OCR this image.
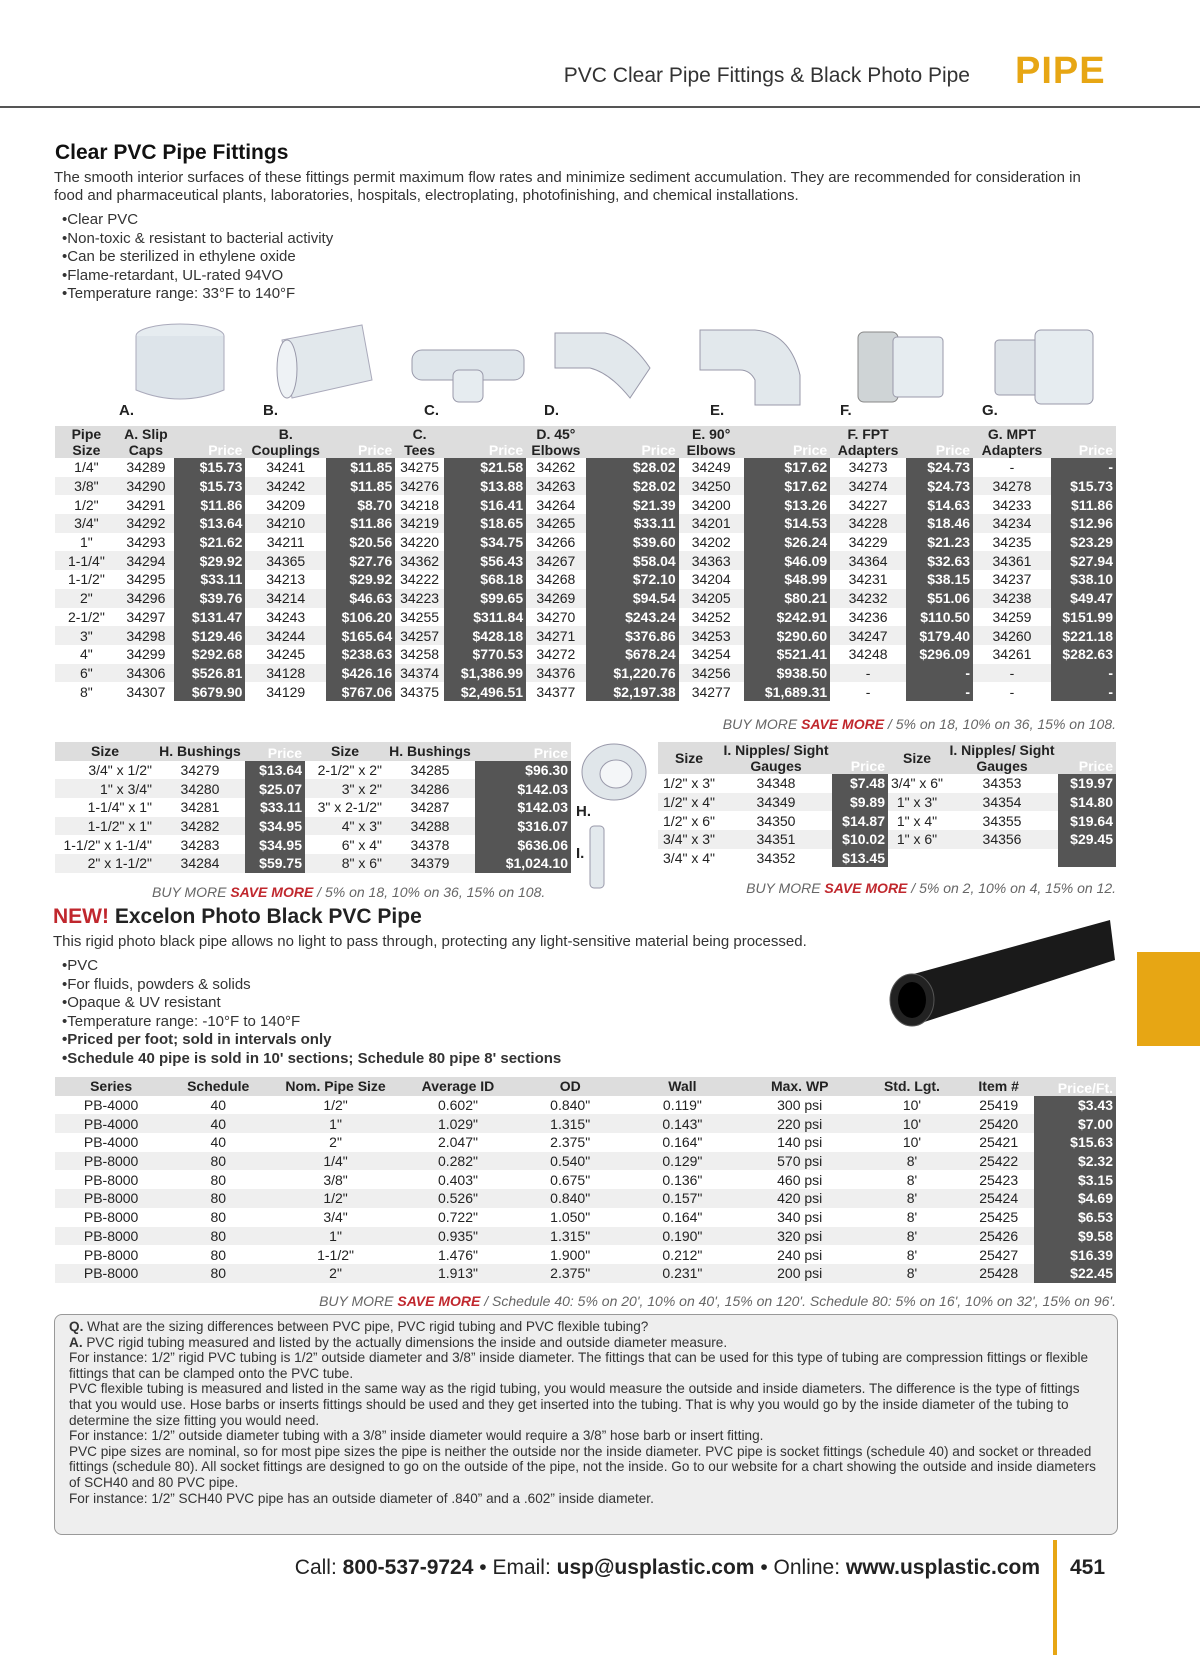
PVC Clear Pipe Fittings & Black Photo Pipe PIPE
Clear PVC Pipe Fittings
The smooth interior surfaces of these fittings permit maximum flow rates and minimize sediment accumulation. They are recommended for consideration in food and pharmaceutical plants, laboratories, hospitals, electroplating, photofinishing, and chemical installations.
• Clear PVC
• Non-toxic & resistant to bacterial activity
• Can be sterilized in ethylene oxide
• Flame-retardant, UL-rated 94VO
• Temperature range: 33°F to 140°F
A.	B.	C.	D.	E.	F.	G.
Pipe Size	A. Slip Caps	Price	B. Couplings	Price	C. Tees	Price	D. 45° Elbows	Price	E. 90° Elbows	Price	F. FPT Adapters	Price	G. MPT Adapters	Price
1/4"	34289	$15.73	34241	$11.85	34275	$21.58	34262	$28.02	34249	$17.62	34273	$24.73	-	-
3/8"	34290	$15.73	34242	$11.85	34276	$13.88	34263	$28.02	34250	$17.62	34274	$24.73	34278	$15.73
1/2"	34291	$11.86	34209	$8.70	34218	$16.41	34264	$21.39	34200	$13.26	34227	$14.63	34233	$11.86
3/4"	34292	$13.64	34210	$11.86	34219	$18.65	34265	$33.11	34201	$14.53	34228	$18.46	34234	$12.96
1"	34293	$21.62	34211	$20.56	34220	$34.75	34266	$39.60	34202	$26.24	34229	$21.23	34235	$23.29
1-1/4"	34294	$29.92	34365	$27.76	34362	$56.43	34267	$58.04	34363	$46.09	34364	$32.63	34361	$27.94
1-1/2"	34295	$33.11	34213	$29.92	34222	$68.18	34268	$72.10	34204	$48.99	34231	$38.15	34237	$38.10
2"	34296	$39.76	34214	$46.63	34223	$99.65	34269	$94.54	34205	$80.21	34232	$51.06	34238	$49.47
2-1/2"	34297	$131.47	34243	$106.20	34255	$311.84	34270	$243.24	34252	$242.91	34236	$110.50	34259	$151.99
3"	34298	$129.46	34244	$165.64	34257	$428.18	34271	$376.86	34253	$290.60	34247	$179.40	34260	$221.18
4"	34299	$292.68	34245	$238.63	34258	$770.53	34272	$678.24	34254	$521.41	34248	$296.09	34261	$282.63
6"	34306	$526.81	34128	$426.16	34374	$1,386.99	34376	$1,220.76	34256	$938.50	-	-	-	-
8"	34307	$679.90	34129	$767.06	34375	$2,496.51	34377	$2,197.38	34277	$1,689.31	-	-	-	-
BUY MORE SAVE MORE / 5% on 18, 10% on 36, 15% on 108.
Size	H. Bushings	Price	Size	H. Bushings	Price
3/4" x 1/2"	34279	$13.64	2-1/2" x 2"	34285	$96.30
1" x 3/4"	34280	$25.07	3" x 2"	34286	$142.03
1-1/4" x 1"	34281	$33.11	3" x 2-1/2"	34287	$142.03
1-1/2" x 1"	34282	$34.95	4" x 3"	34288	$316.07
1-1/2" x 1-1/4"	34283	$34.95	6" x 4"	34378	$636.06
2" x 1-1/2"	34284	$59.75	8" x 6"	34379	$1,024.10
BUY MORE SAVE MORE / 5% on 18, 10% on 36, 15% on 108.
H.
I.
Size	I. Nipples/ Sight Gauges	Price	Size	I. Nipples/ Sight Gauges	Price
1/2" x 3"	34348	$7.48	3/4" x 6"	34353	$19.97
1/2" x 4"	34349	$9.89	1" x 3"	34354	$14.80
1/2" x 6"	34350	$14.87	1" x 4"	34355	$19.64
3/4" x 3"	34351	$10.02	1" x 6"	34356	$29.45
3/4" x 4"	34352	$13.45			
BUY MORE SAVE MORE / 5% on 2, 10% on 4, 15% on 12.
NEW! Excelon Photo Black PVC Pipe
This rigid photo black pipe allows no light to pass through, protecting any light-sensitive material being processed.
• PVC
• For fluids, powders & solids
• Opaque & UV resistant
• Temperature range: -10°F to 140°F
• Priced per foot; sold in intervals only
• Schedule 40 pipe is sold in 10' sections; Schedule 80 pipe 8' sections
Series	Schedule	Nom. Pipe Size	Average ID	OD	Wall	Max. WP	Std. Lgt.	Item #	Price/Ft.
PB-4000	40	1/2"	0.602"	0.840"	0.119"	300 psi	10'	25419	$3.43
PB-4000	40	1"	1.029"	1.315"	0.143"	220 psi	10'	25420	$7.00
PB-4000	40	2"	2.047"	2.375"	0.164"	140 psi	10'	25421	$15.63
PB-8000	80	1/4"	0.282"	0.540"	0.129"	570 psi	8'	25422	$2.32
PB-8000	80	3/8"	0.403"	0.675"	0.136"	460 psi	8'	25423	$3.15
PB-8000	80	1/2"	0.526"	0.840"	0.157"	420 psi	8'	25424	$4.69
PB-8000	80	3/4"	0.722"	1.050"	0.164"	340 psi	8'	25425	$6.53
PB-8000	80	1"	0.935"	1.315"	0.190"	320 psi	8'	25426	$9.58
PB-8000	80	1-1/2"	1.476"	1.900"	0.212"	240 psi	8'	25427	$16.39
PB-8000	80	2"	1.913"	2.375"	0.231"	200 psi	8'	25428	$22.45
BUY MORE SAVE MORE / Schedule 40: 5% on 20', 10% on 40', 15% on 120'. Schedule 80: 5% on 16', 10% on 32', 15% on 96'.
Q. What are the sizing differences between PVC pipe, PVC rigid tubing and PVC flexible tubing?
A. PVC rigid tubing measured and listed by the actually dimensions the inside and outside diameter measure.
For instance: 1/2” rigid PVC tubing is 1/2” outside diameter and 3/8” inside diameter. The fittings that can be used for this type of tubing are compression fittings or flexible fittings that can be clamped onto the PVC tube.
PVC flexible tubing is measured and listed in the same way as the rigid tubing, you would measure the outside and inside diameters. The difference is the type of fittings that you would use. Hose barbs or inserts fittings should be used and they get inserted into the tubing. That is why you would go by the inside diameter of the tubing to determine the size fitting you would need.
For instance: 1/2” outside diameter tubing with a 3/8” inside diameter would require a 3/8” hose barb or insert fitting.
PVC pipe sizes are nominal, so for most pipe sizes the pipe is neither the outside nor the inside diameter. PVC pipe is socket fittings (schedule 40) and socket or threaded fittings (schedule 80). All socket fittings are designed to go on the outside of the pipe, not the inside. Go to our website for a chart showing the outside and inside diameters of SCH40 and 80 PVC pipe.
For instance: 1/2” SCH40 PVC pipe has an outside diameter of .840” and a .602” inside diameter.
Call: 800-537-9724 • Email: usp@usplastic.com • Online: www.usplastic.com 451
